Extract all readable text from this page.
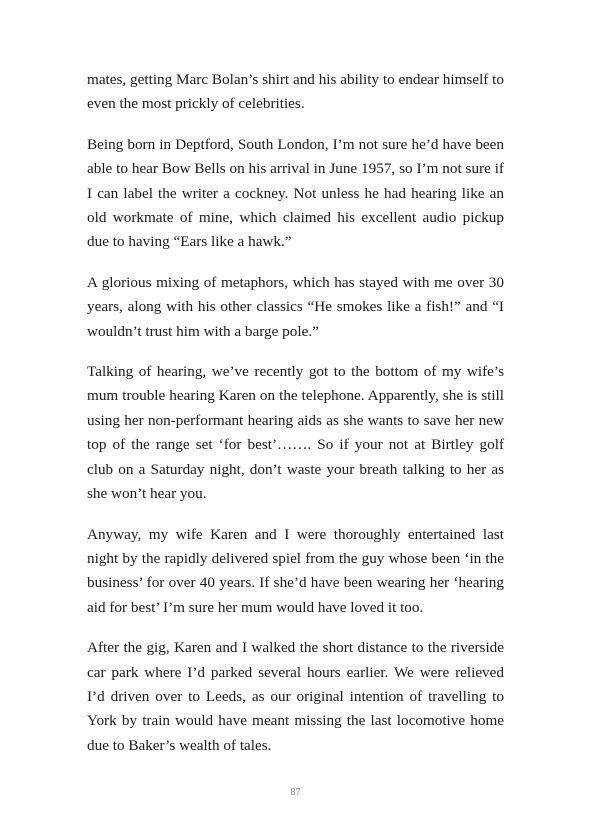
mates, getting Marc Bolan’s shirt and his ability to endear himself to even the most prickly of celebrities.

Being born in Deptford, South London, I’m not sure he’d have been able to hear Bow Bells on his arrival in June 1957, so I’m not sure if I can label the writer a cockney. Not unless he had hearing like an old workmate of mine, which claimed his excellent audio pickup due to having “Ears like a hawk.”

A glorious mixing of metaphors, which has stayed with me over 30 years, along with his other classics “He smokes like a fish!” and “I wouldn’t trust him with a barge pole.”

Talking of hearing, we’ve recently got to the bottom of my wife’s mum trouble hearing Karen on the telephone. Apparently, she is still using her non-performant hearing aids as she wants to save her new top of the range set ‘for best’……. So if your not at Birtley golf club on a Saturday night, don’t waste your breath talking to her as she won’t hear you.

Anyway, my wife Karen and I were thoroughly entertained last night by the rapidly delivered spiel from the guy whose been ‘in the business’ for over 40 years. If she’d have been wearing her ‘hearing aid for best’ I’m sure her mum would have loved it too.

After the gig, Karen and I walked the short distance to the riverside car park where I’d parked several hours earlier. We were relieved I’d driven over to Leeds, as our original intention of travelling to York by train would have meant missing the last locomotive home due to Baker’s wealth of tales.

87
